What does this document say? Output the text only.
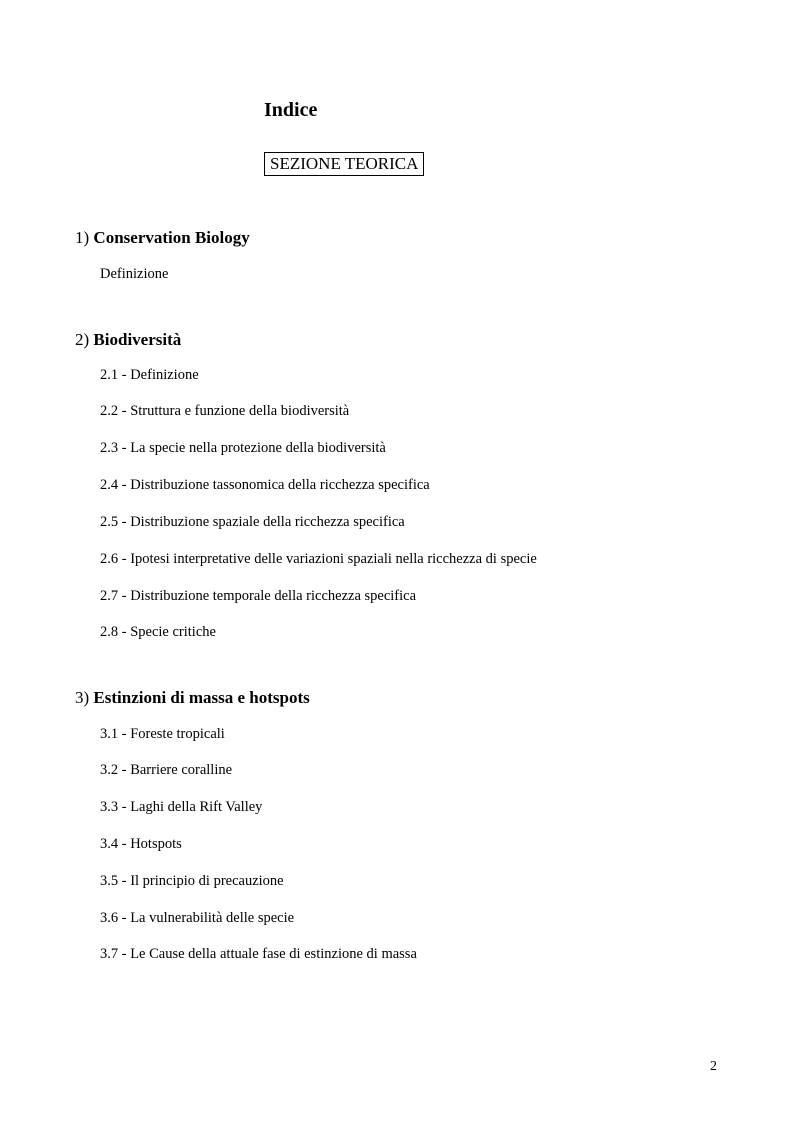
Indice
SEZIONE TEORICA
1) Conservation Biology
Definizione
2) Biodiversità
2.1 - Definizione
2.2 - Struttura e funzione della biodiversità
2.3 - La specie nella protezione della biodiversità
2.4 - Distribuzione tassonomica della ricchezza specifica
2.5 - Distribuzione spaziale della ricchezza specifica
2.6 - Ipotesi interpretative delle variazioni spaziali nella ricchezza di specie
2.7 - Distribuzione temporale della ricchezza specifica
2.8 - Specie critiche
3) Estinzioni di massa e hotspots
3.1 - Foreste tropicali
3.2 - Barriere coralline
3.3 - Laghi della Rift Valley
3.4 - Hotspots
3.5 - Il principio di precauzione
3.6 - La vulnerabilità delle specie
3.7 - Le Cause della attuale fase di estinzione di massa
2
